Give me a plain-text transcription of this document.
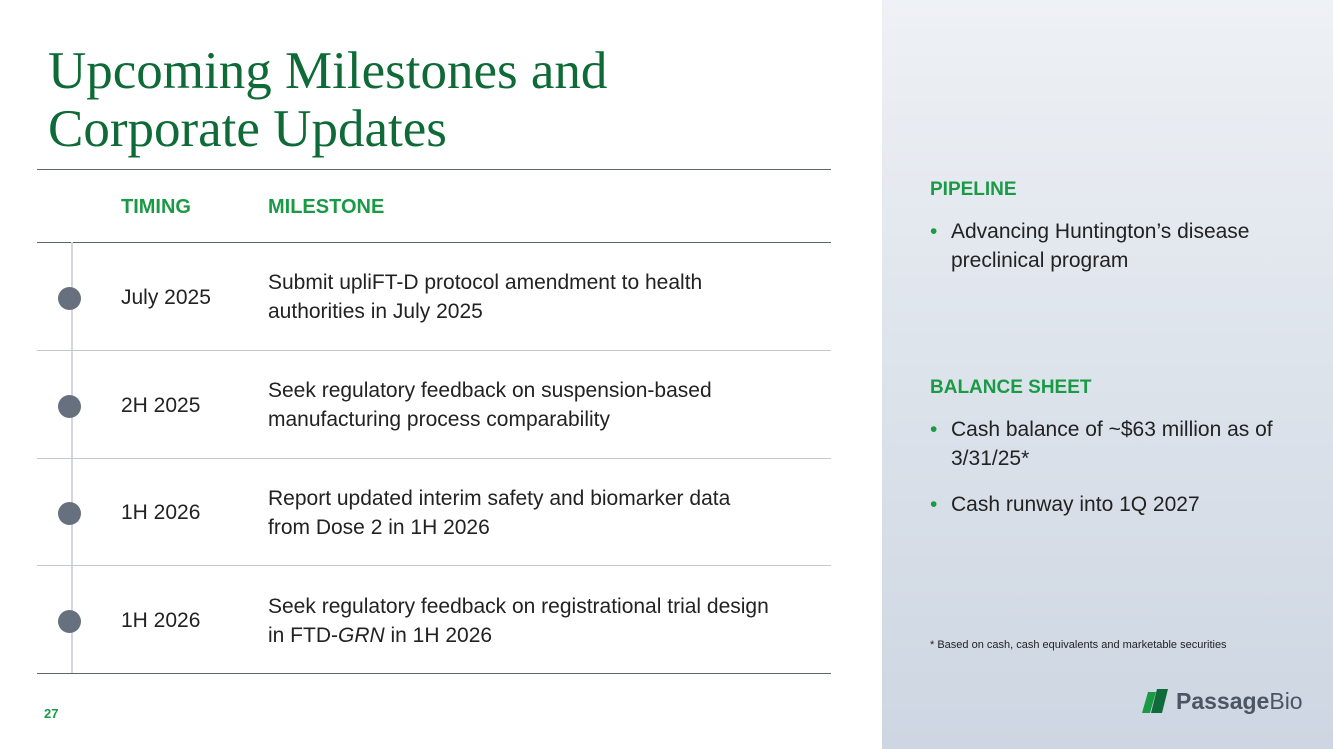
Upcoming Milestones and
Corporate Updates
TIMING	MILESTONE
July 2025
Submit upliFT-D protocol amendment to health
authorities in July 2025
2H 2025
Seek regulatory feedback on suspension-based
manufacturing process comparability
1H 2026
Report updated interim safety and biomarker data
from Dose 2 in 1H 2026
1H 2026
Seek regulatory feedback on registrational trial design
in FTD-GRN in 1H 2026
27
PIPELINE
• Advancing Huntington’s disease preclinical program
BALANCE SHEET
• Cash balance of ~$63 million as of 3/31/25*
• Cash runway into 1Q 2027
* Based on cash, cash equivalents and marketable securities
PassageBio
